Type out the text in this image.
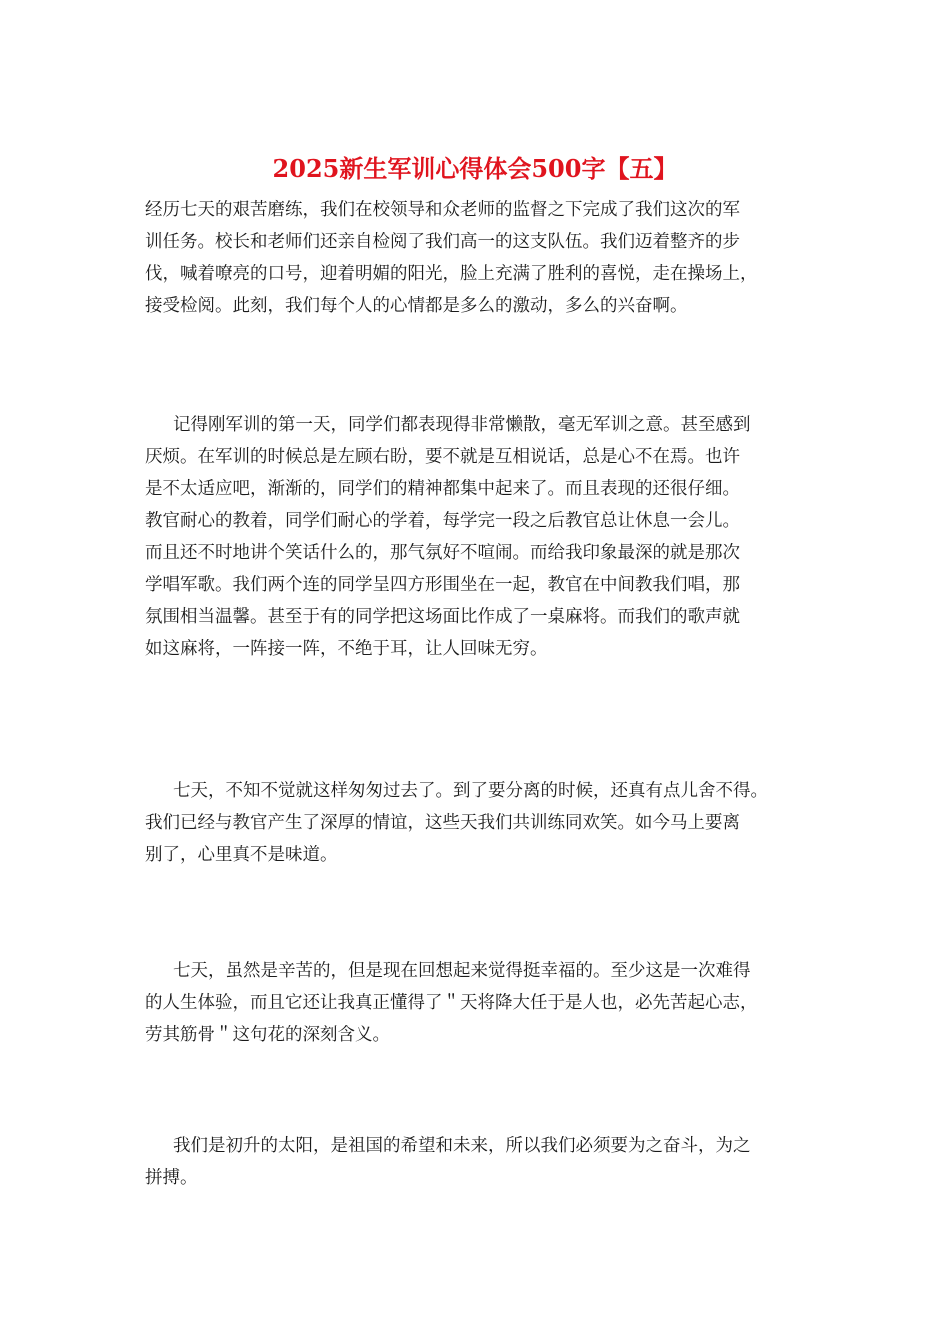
2025新生军训心得体会500字【五】
经历七天的艰苦磨练，我们在校领导和众老师的监督之下完成了我们这次的军
训任务。校长和老师们还亲自检阅了我们高一的这支队伍。我们迈着整齐的步
伐，喊着嘹亮的口号，迎着明媚的阳光，脸上充满了胜利的喜悦，走在操场上，
接受检阅。此刻，我们每个人的心情都是多么的激动，多么的兴奋啊。
记得刚军训的第一天，同学们都表现得非常懒散，毫无军训之意。甚至感到
厌烦。在军训的时候总是左顾右盼，要不就是互相说话，总是心不在焉。也许
是不太适应吧，渐渐的，同学们的精神都集中起来了。而且表现的还很仔细。
教官耐心的教着，同学们耐心的学着，每学完一段之后教官总让休息一会儿。
而且还不时地讲个笑话什么的，那气氛好不喧闹。而给我印象最深的就是那次
学唱军歌。我们两个连的同学呈四方形围坐在一起，教官在中间教我们唱，那
氛围相当温馨。甚至于有的同学把这场面比作成了一桌麻将。而我们的歌声就
如这麻将，一阵接一阵，不绝于耳，让人回味无穷。
七天，不知不觉就这样匆匆过去了。到了要分离的时候，还真有点儿舍不得。
我们已经与教官产生了深厚的情谊，这些天我们共训练同欢笑。如今马上要离
别了，心里真不是味道。
七天，虽然是辛苦的，但是现在回想起来觉得挺幸福的。至少这是一次难得
的人生体验，而且它还让我真正懂得了＂天将降大任于是人也，必先苦起心志，
劳其筋骨＂这句花的深刻含义。
我们是初升的太阳，是祖国的希望和未来，所以我们必须要为之奋斗，为之
拼搏。
